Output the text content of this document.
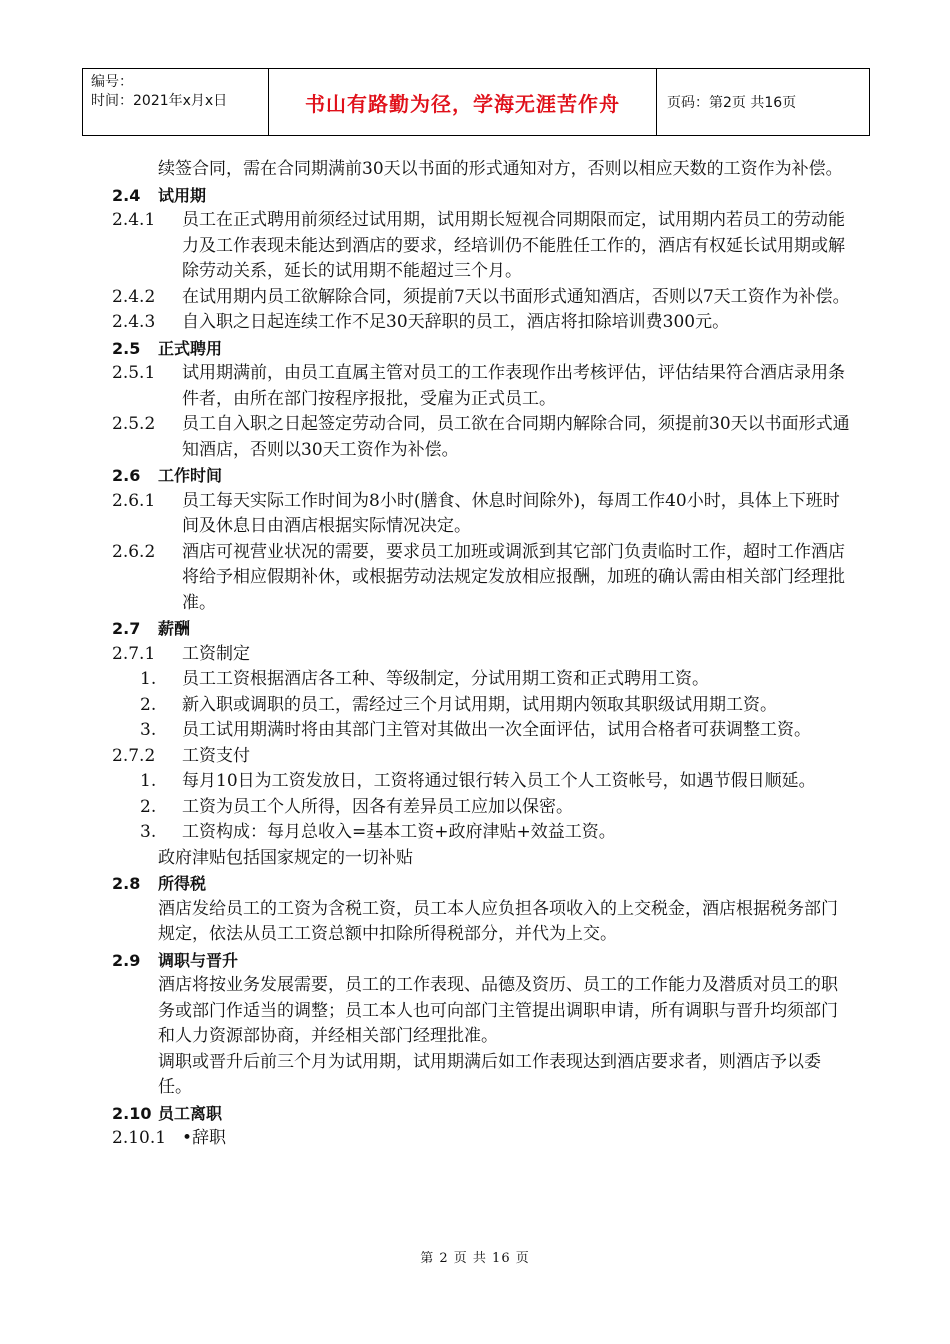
编号：
时间：2021年x月x日	书山有路勤为径，学海无涯苦作舟	页码：第2页 共16页

续签合同，需在合同期满前30天以书面的形式通知对方，否则以相应天数的工资作为补偿。

2.4	试用期
2.4.1	员工在正式聘用前须经过试用期，试用期长短视合同期限而定，试用期内若员工的劳动能力及工作表现未能达到酒店的要求，经培训仍不能胜任工作的，酒店有权延长试用期或解除劳动关系，延长的试用期不能超过三个月。
2.4.2	在试用期内员工欲解除合同，须提前7天以书面形式通知酒店，否则以7天工资作为补偿。
2.4.3	自入职之日起连续工作不足30天辞职的员工，酒店将扣除培训费300元。
2.5	正式聘用
2.5.1	试用期满前，由员工直属主管对员工的工作表现作出考核评估，评估结果符合酒店录用条件者，由所在部门按程序报批，受雇为正式员工。
2.5.2	员工自入职之日起签定劳动合同，员工欲在合同期内解除合同，须提前30天以书面形式通知酒店，否则以30天工资作为补偿。
2.6	工作时间
2.6.1	员工每天实际工作时间为8小时(膳食、休息时间除外)，每周工作40小时，具体上下班时间及休息日由酒店根据实际情况决定。
2.6.2	酒店可视营业状况的需要，要求员工加班或调派到其它部门负责临时工作，超时工作酒店将给予相应假期补休，或根据劳动法规定发放相应报酬，加班的确认需由相关部门经理批准。
2.7	薪酬
2.7.1	工资制定
1.	员工工资根据酒店各工种、等级制定，分试用期工资和正式聘用工资。
2.	新入职或调职的员工，需经过三个月试用期，试用期内领取其职级试用期工资。
3.	员工试用期满时将由其部门主管对其做出一次全面评估，试用合格者可获调整工资。
2.7.2	工资支付
1.	每月10日为工资发放日，工资将通过银行转入员工个人工资帐号，如遇节假日顺延。
2.	工资为员工个人所得，因各有差异员工应加以保密。
3.	工资构成：每月总收入=基本工资+政府津贴+效益工资。

政府津贴包括国家规定的一切补贴

2.8	所得税

酒店发给员工的工资为含税工资，员工本人应负担各项收入的上交税金，酒店根据税务部门规定，依法从员工工资总额中扣除所得税部分，并代为上交。

2.9	调职与晋升

酒店将按业务发展需要，员工的工作表现、品德及资历、员工的工作能力及潜质对员工的职务或部门作适当的调整；员工本人也可向部门主管提出调职申请，所有调职与晋升均须部门和人力资源部协商，并经相关部门经理批准。

调职或晋升后前三个月为试用期，试用期满后如工作表现达到酒店要求者，则酒店予以委任。

2.10 员工离职
2.10.1 •辞职
第 2 页 共 16 页
